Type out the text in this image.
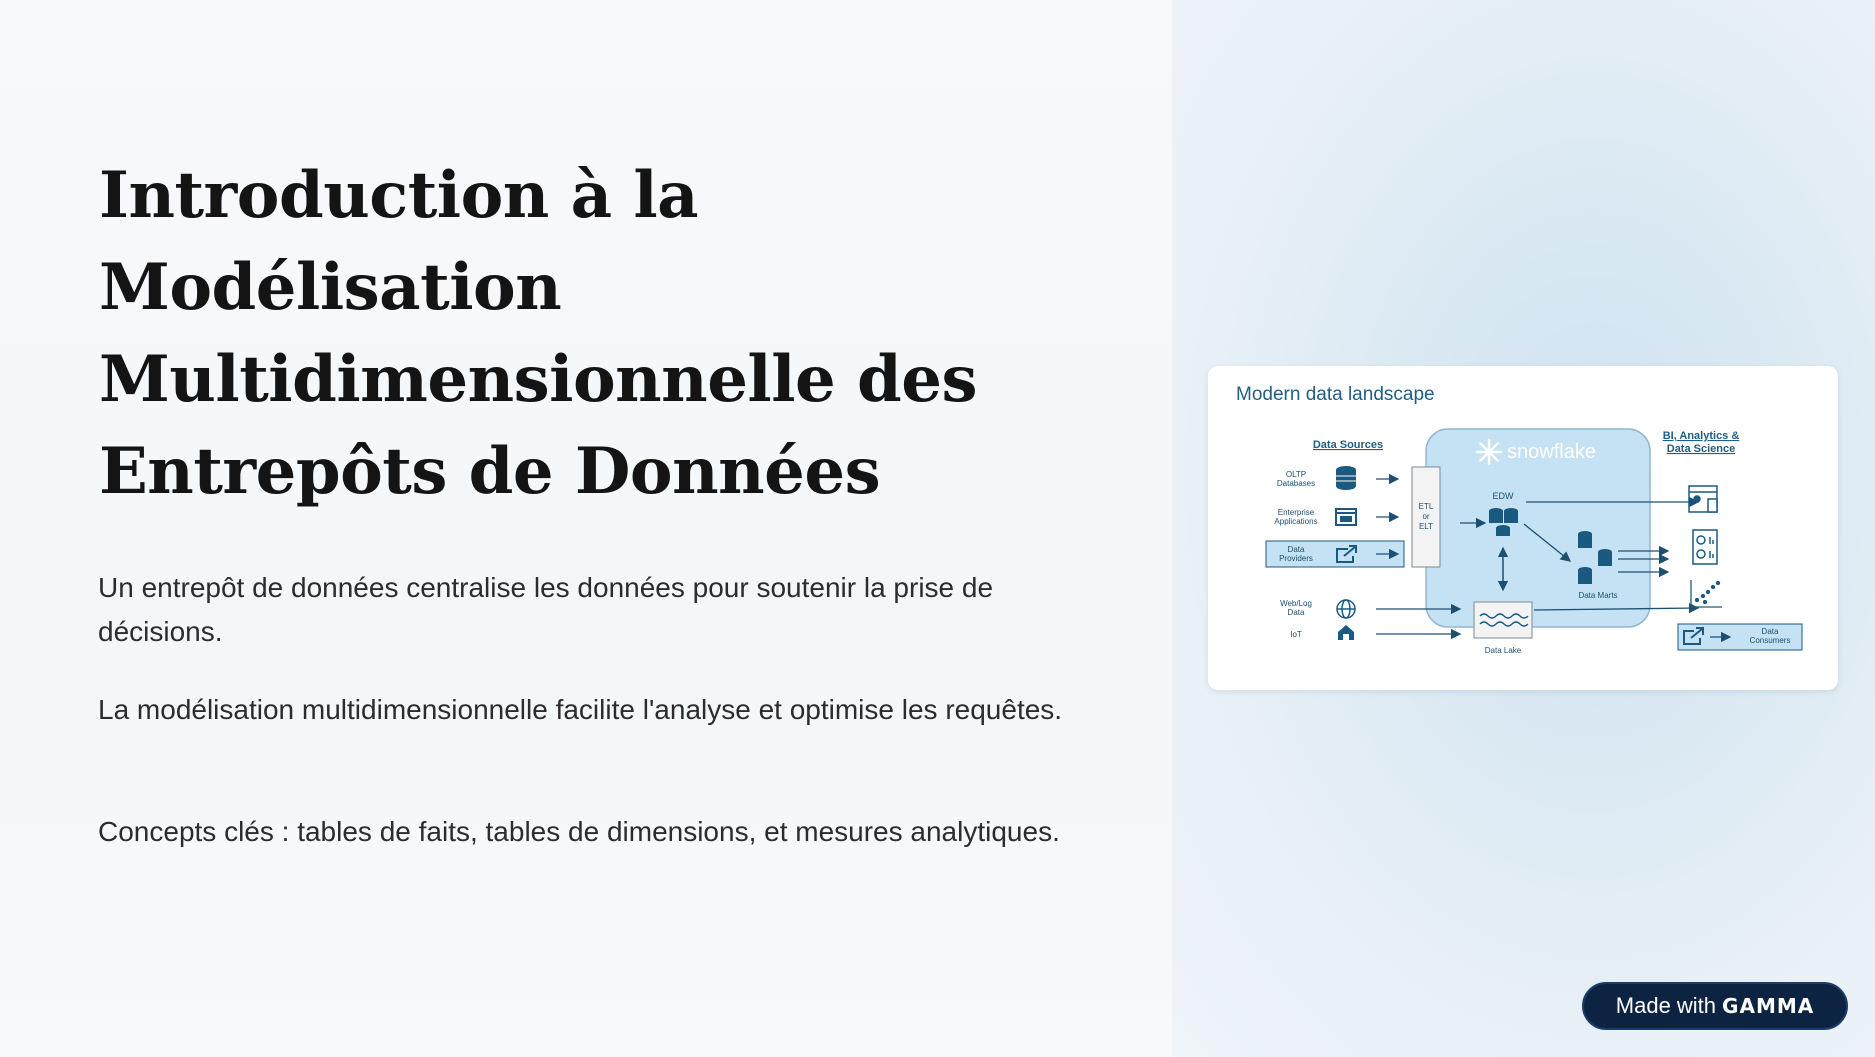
Introduction à la
Modélisation
Multidimensionnelle des
Entrepôts de Données

Un entrepôt de données centralise les données pour soutenir la prise de décisions.

La modélisation multidimensionnelle facilite l'analyse et optimise les requêtes.

Concepts clés : tables de faits, tables de dimensions, et mesures analytiques.

Modern data landscape
Data Sources
BI, Analytics &
Data Science
snowflake
ETL
or
ELT
OLTP
Databases
Enterprise
Applications
Data
Providers
Web/Log
Data
IoT
EDW
Data Marts
Data Lake
Data
Consumers
Made with GAMMA
